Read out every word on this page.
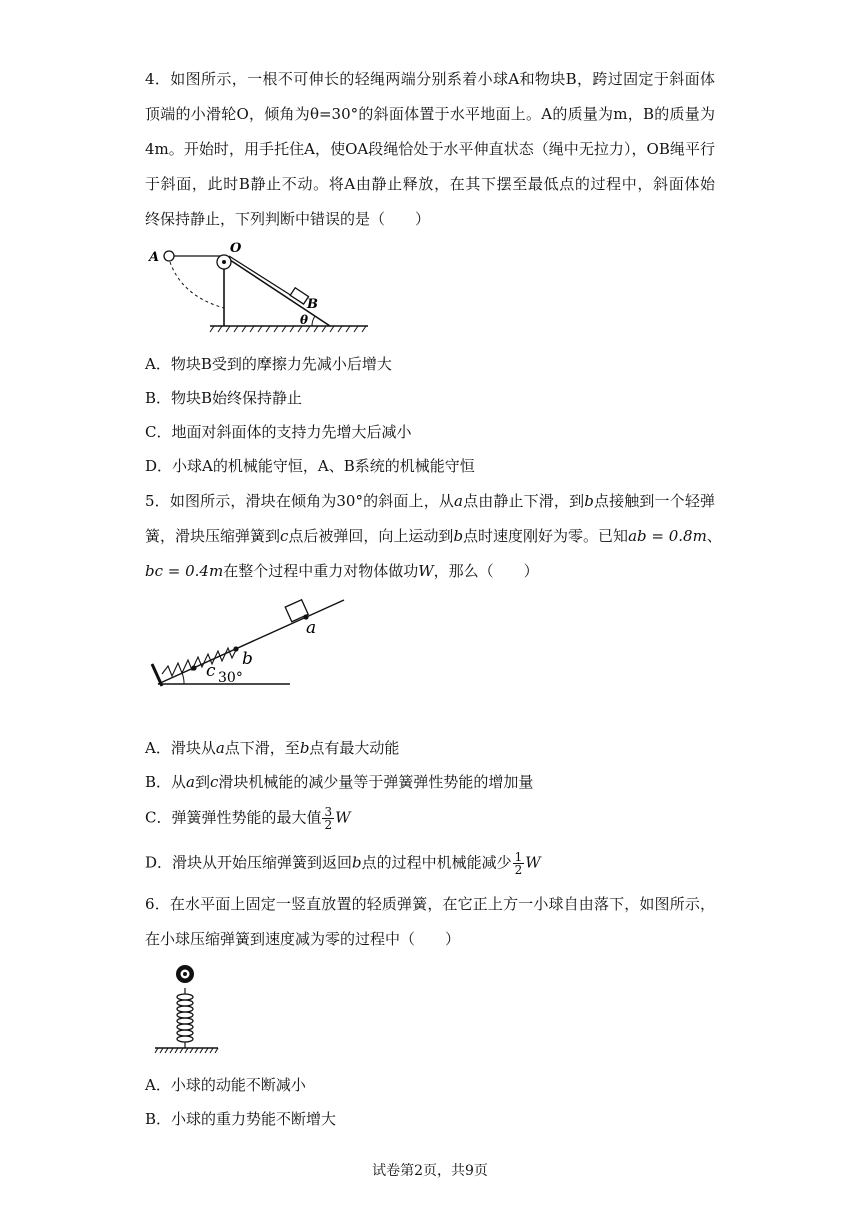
4．如图所示，一根不可伸长的轻绳两端分别系着小球A和物块B，跨过固定于斜面体
顶端的小滑轮O，倾角为θ=30°的斜面体置于水平地面上。A的质量为m，B的质量为
4m。开始时，用手托住A，使OA段绳恰处于水平伸直状态（绳中无拉力），OB绳平行
于斜面，此时B静止不动。将A由静止释放，在其下摆至最低点的过程中，斜面体始
终保持静止，下列判断中错误的是（　　）
A
O
B
θ
A．物块B受到的摩擦力先减小后增大
B．物块B始终保持静止
C．地面对斜面体的支持力先增大后减小
D．小球A的机械能守恒，A、B系统的机械能守恒
5．如图所示，滑块在倾角为30°的斜面上，从a点由静止下滑，到b点接触到一个轻弹
簧，滑块压缩弹簧到c点后被弹回，向上运动到b点时速度刚好为零。已知ab = 0.8m、
bc = 0.4m在整个过程中重力对物体做功W，那么（　　）
a
b
c 30°
A．滑块从a点下滑，至b点有最大动能
B．从a到c滑块机械能的减少量等于弹簧弹性势能的增加量
C．弹簧弹性势能的最大值 $\frac{3}{2}$ W
D．滑块从开始压缩弹簧到返回b点的过程中机械能减少 $\frac{1}{2}$ W
6．在水平面上固定一竖直放置的轻质弹簧，在它正上方一小球自由落下，如图所示，
在小球压缩弹簧到速度减为零的过程中（　　）
A．小球的动能不断减小
B．小球的重力势能不断增大
试卷第2页，共9页
